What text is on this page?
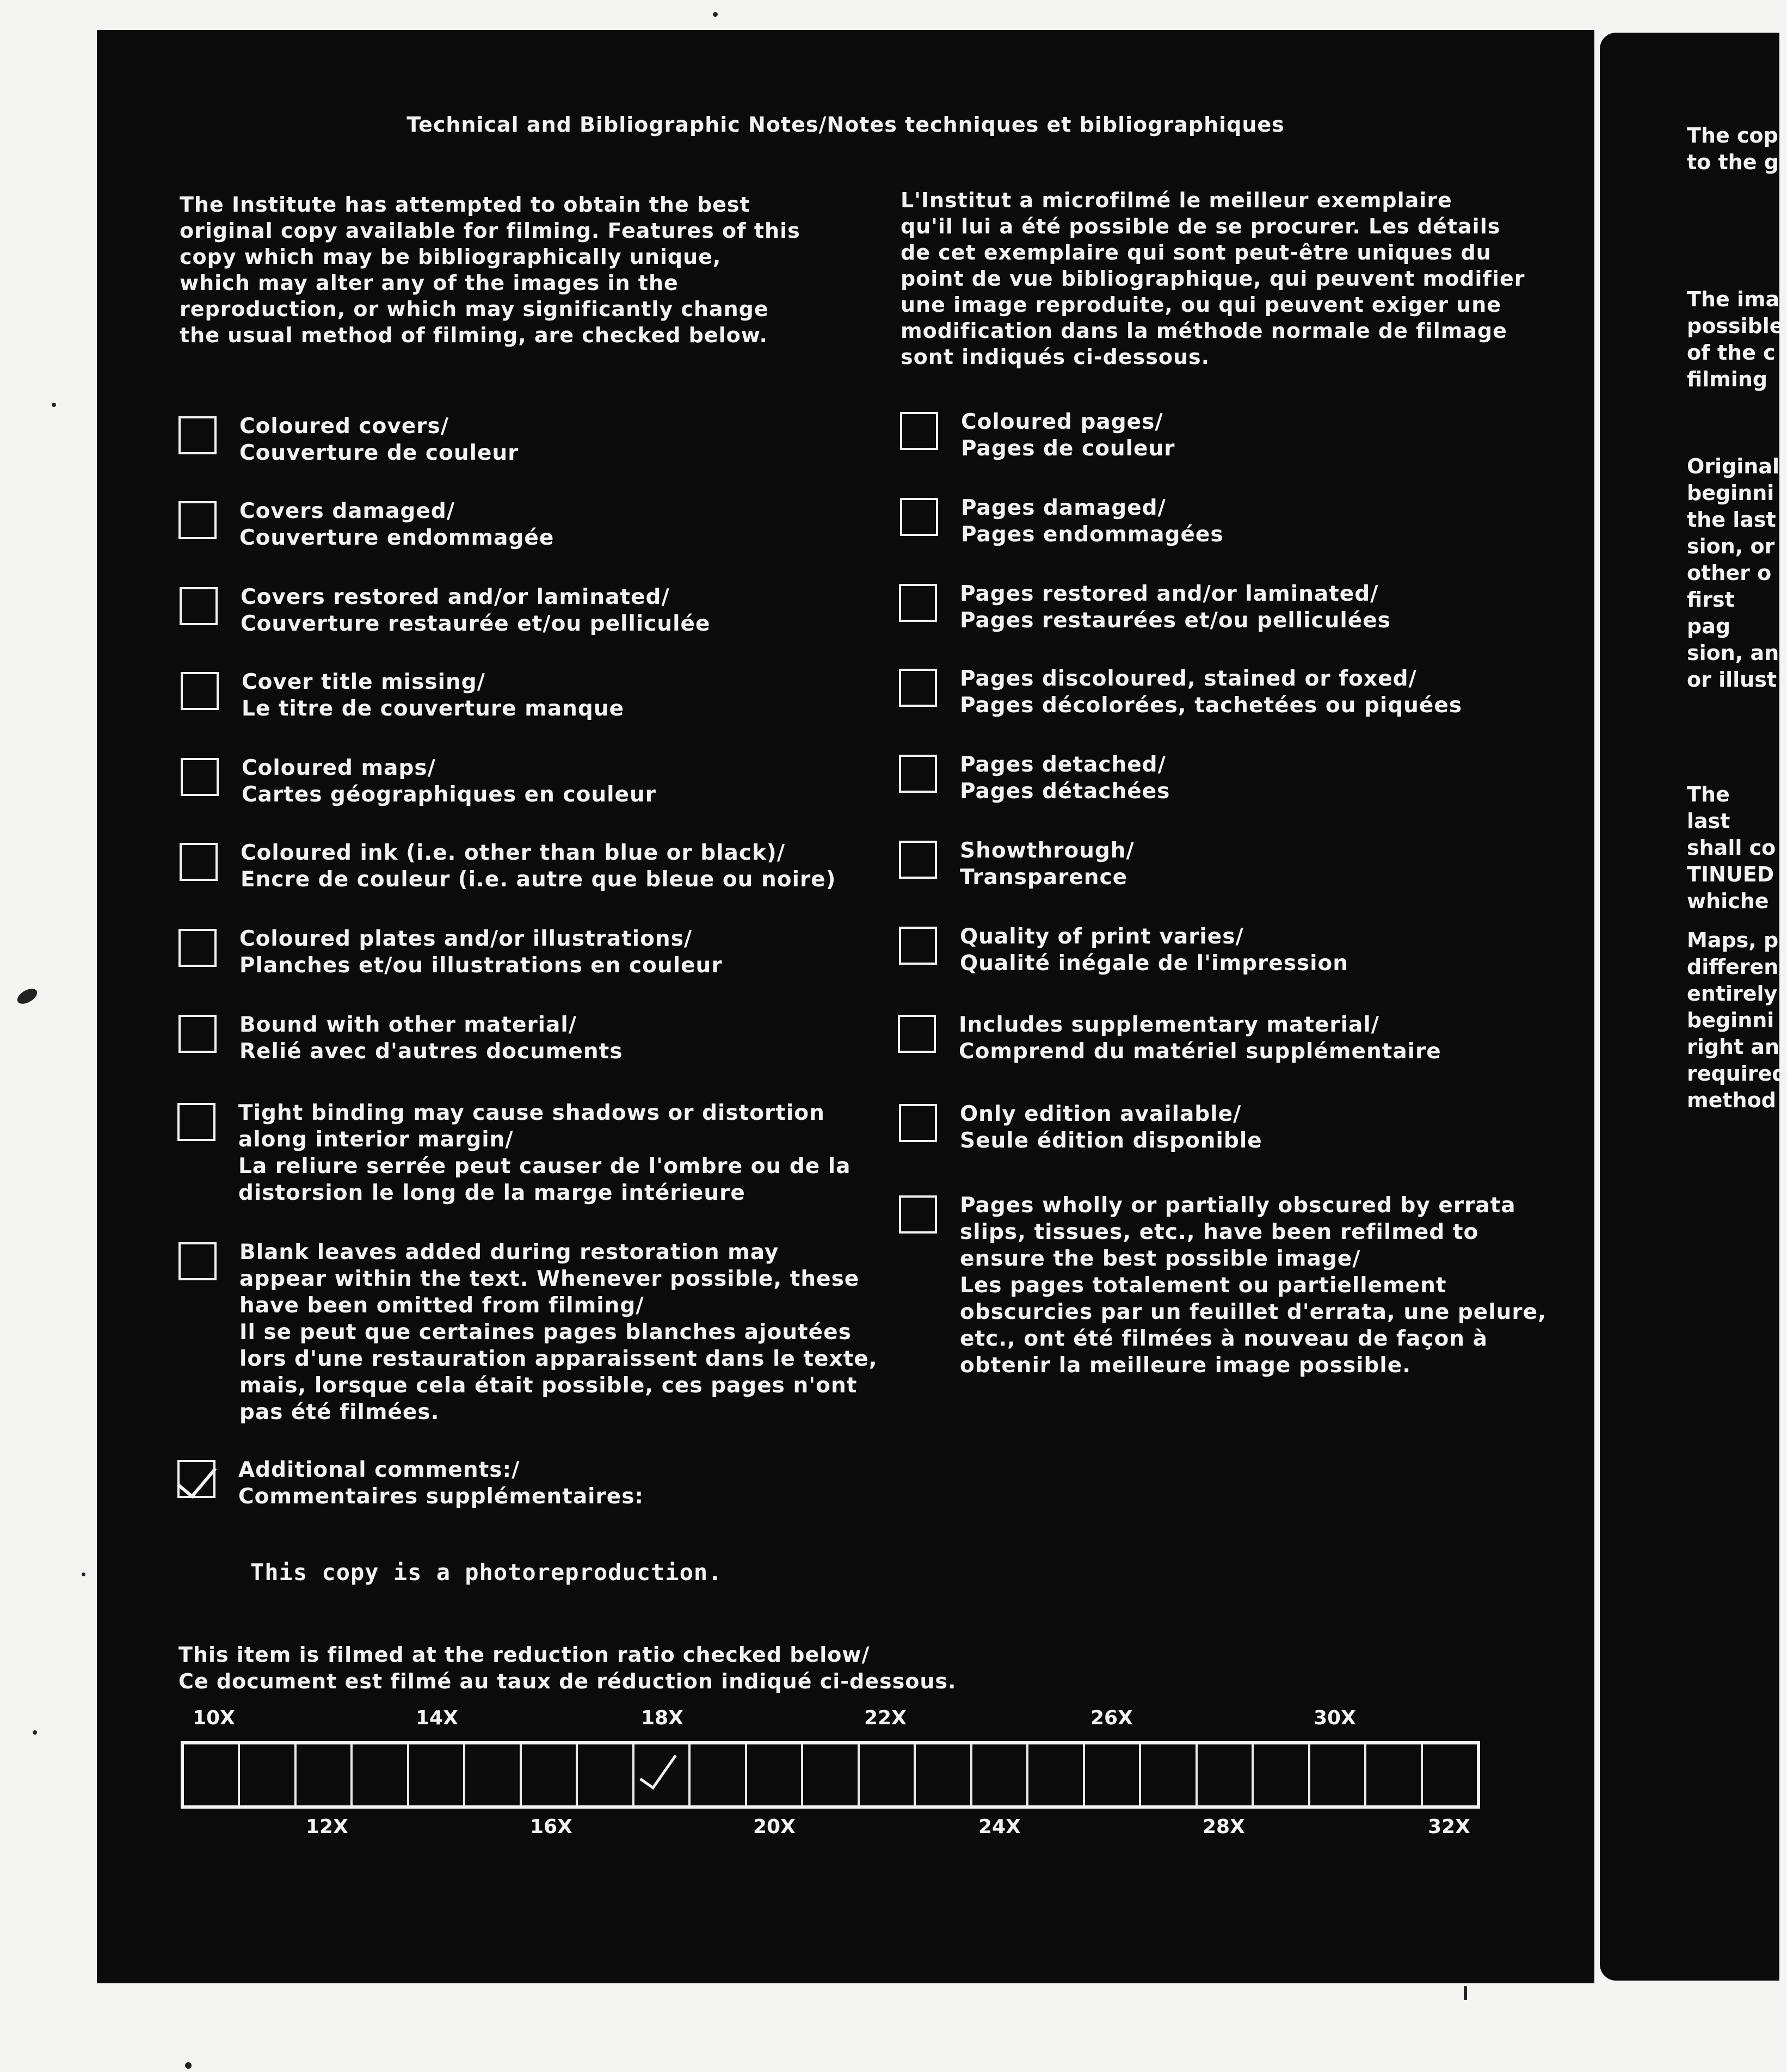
Technical and Bibliographic Notes/Notes techniques et bibliographiques
The Institute has attempted to obtain the best
original copy available for filming. Features of this
copy which may be bibliographically unique,
which may alter any of the images in the
reproduction, or which may significantly change
the usual method of filming, are checked below.
L'Institut a microfilmé le meilleur exemplaire
qu'il lui a été possible de se procurer. Les détails
de cet exemplaire qui sont peut-être uniques du
point de vue bibliographique, qui peuvent modifier
une image reproduite, ou qui peuvent exiger une
modification dans la méthode normale de filmage
sont indiqués ci-dessous.
Coloured covers/
Couverture de couleur
Covers damaged/
Couverture endommagée
Covers restored and/or laminated/
Couverture restaurée et/ou pelliculée
Cover title missing/
Le titre de couverture manque
Coloured maps/
Cartes géographiques en couleur
Coloured ink (i.e. other than blue or black)/
Encre de couleur (i.e. autre que bleue ou noire)
Coloured plates and/or illustrations/
Planches et/ou illustrations en couleur
Bound with other material/
Relié avec d'autres documents
Tight binding may cause shadows or distortion
along interior margin/
La reliure serrée peut causer de l'ombre ou de la
distorsion le long de la marge intérieure
Blank leaves added during restoration may
appear within the text. Whenever possible, these
have been omitted from filming/
Il se peut que certaines pages blanches ajoutées
lors d'une restauration apparaissent dans le texte,
mais, lorsque cela était possible, ces pages n'ont
pas été filmées.
Additional comments:/
Commentaires supplémentaires:
This copy is a photoreproduction.
Coloured pages/
Pages de couleur
Pages damaged/
Pages endommagées
Pages restored and/or laminated/
Pages restaurées et/ou pelliculées
Pages discoloured, stained or foxed/
Pages décolorées, tachetées ou piquées
Pages detached/
Pages détachées
Showthrough/
Transparence
Quality of print varies/
Qualité inégale de l'impression
Includes supplementary material/
Comprend du matériel supplémentaire
Only edition available/
Seule édition disponible
Pages wholly or partially obscured by errata
slips, tissues, etc., have been refilmed to
ensure the best possible image/
Les pages totalement ou partiellement
obscurcies par un feuillet d'errata, une pelure,
etc., ont été filmées à nouveau de façon à
obtenir la meilleure image possible.
This item is filmed at the reduction ratio checked below/
Ce document est filmé au taux de réduction indiqué ci-dessous.
10X	14X	18X	22X	26X	30X
12X	16X	20X	24X	28X	32X
The cop
to the g
The ima
possible
of the c
filming
Original
beginni
the last
sion, or
other o
first pag
sion, an
or illust
The last
shall co
TINUED
whiche
Maps, p
differen
entirely
beginni
right an
required
method
